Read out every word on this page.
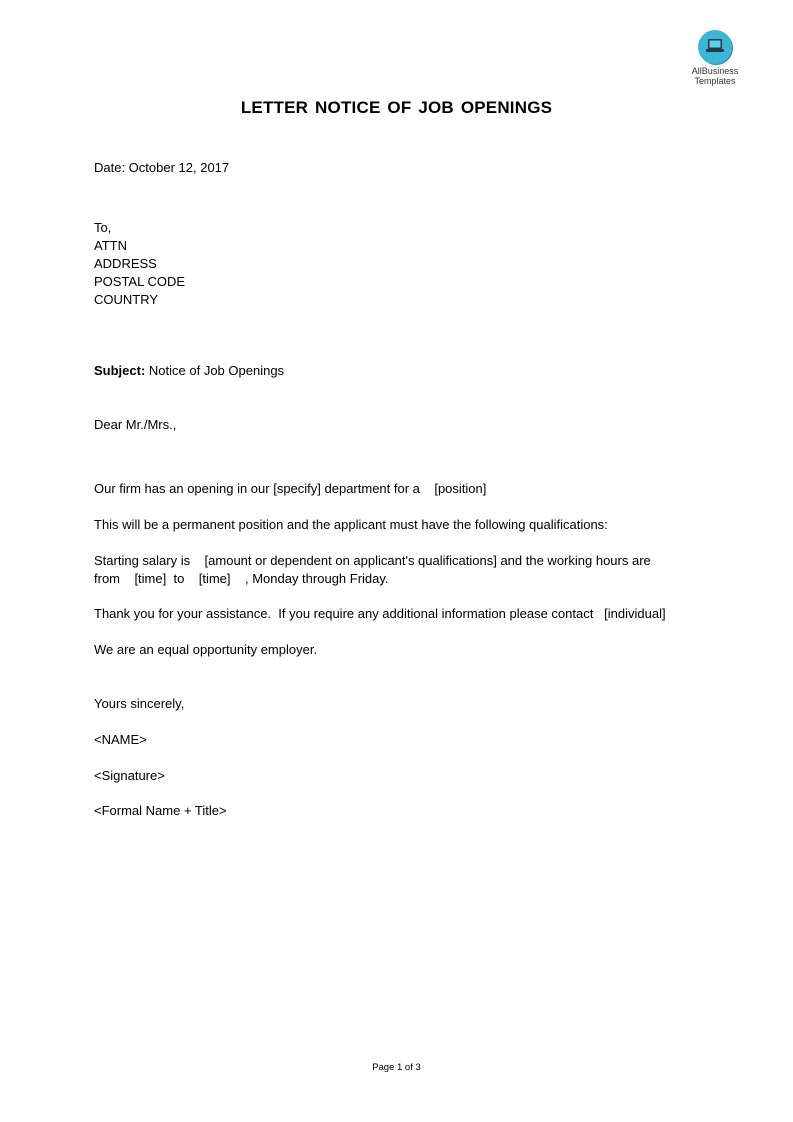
AllBusiness
Templates
LETTER NOTICE OF JOB OPENINGS
Date: October 12, 2017
To,
ATTN
ADDRESS
POSTAL CODE
COUNTRY
Subject: Notice of Job Openings
Dear Mr./Mrs.,
Our firm has an opening in our [specify] department for a    [position]
This will be a permanent position and the applicant must have the following qualifications:
Starting salary is    [amount or dependent on applicant's qualifications] and the working hours are
from    [time]  to    [time]    , Monday through Friday.
Thank you for your assistance.  If you require any additional information please contact   [individual]
We are an equal opportunity employer.
Yours sincerely,
<NAME>
<Signature>
<Formal Name + Title>
Page 1 of 3
